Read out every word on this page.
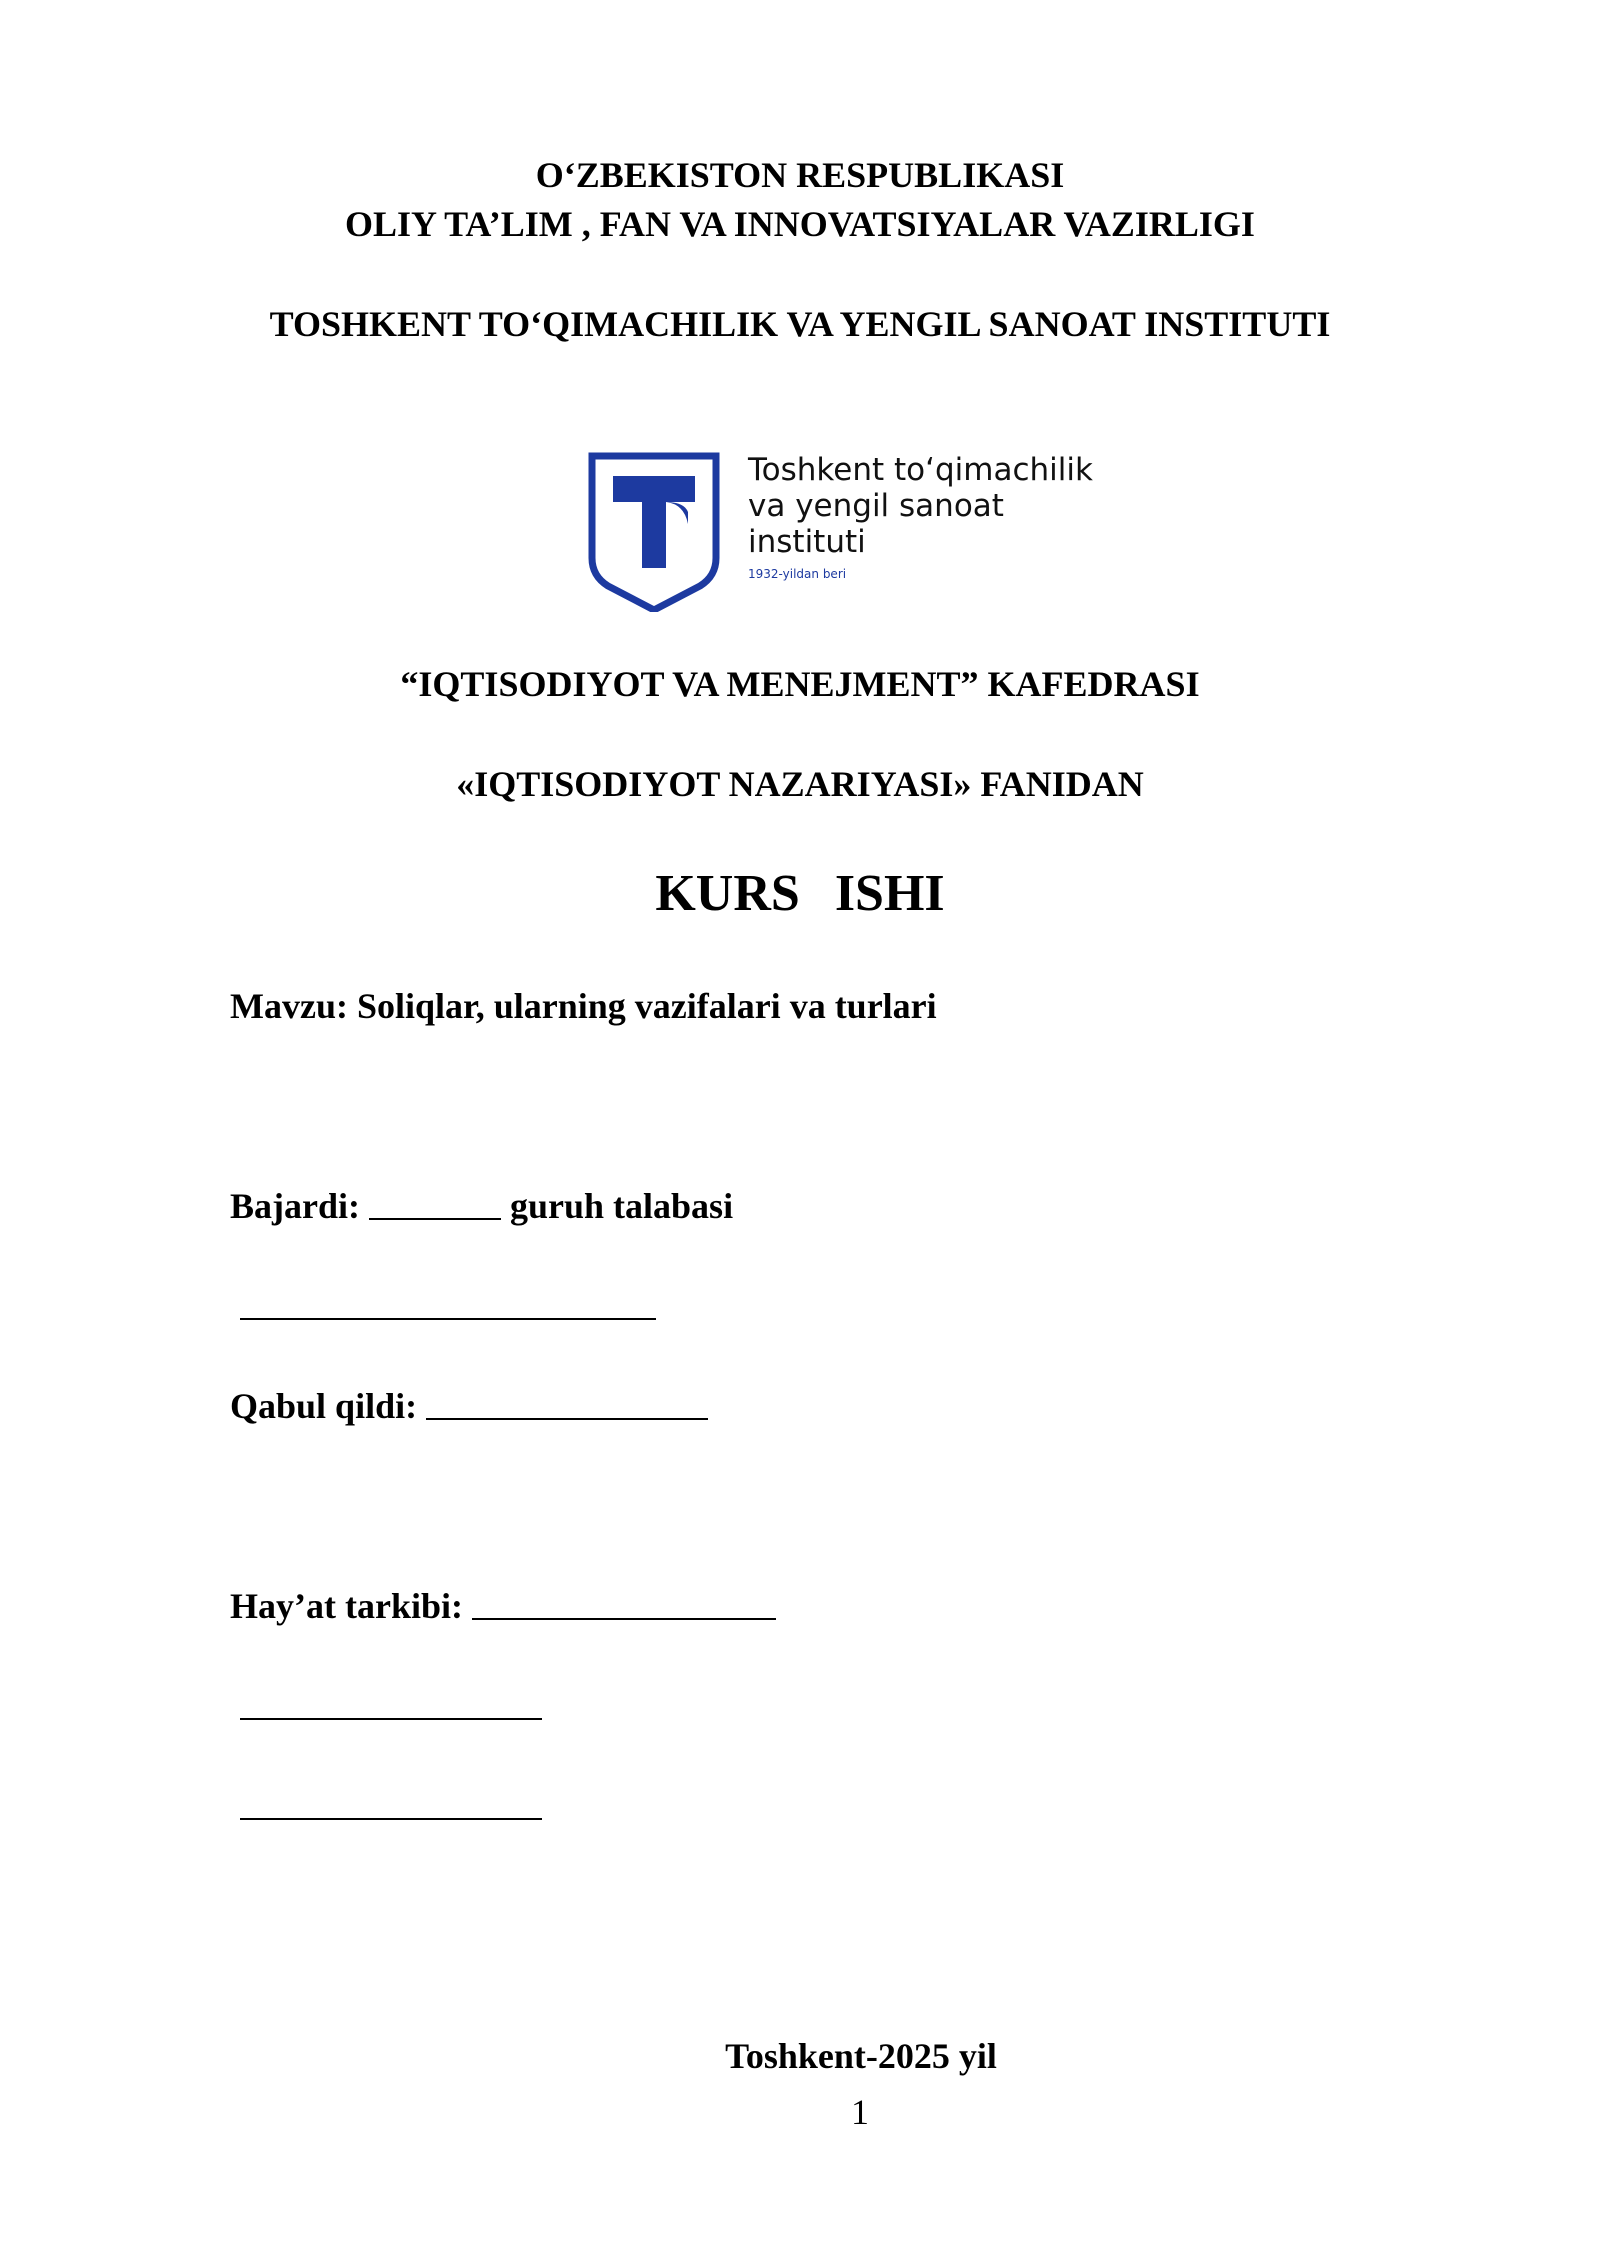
O‘ZBEKISTON RESPUBLIKASI
OLIY TA’LIM , FAN VA INNOVATSIYALAR VAZIRLIGI
TOSHKENT TO‘QIMACHILIK VA YENGIL SANOAT INSTITUTI
Toshkent to‘qimachilik
va yengil sanoat
instituti
1932-yildan beri
“IQTISODIYOT VA MENEJMENT” KAFEDRASI
«IQTISODIYOT NAZARIYASI» FANIDAN
KURS ISHI
Mavzu: Soliqlar, ularning vazifalari va turlari
Bajardi:	guruh talabasi
Qabul qildi:
Hay’at tarkibi:
Toshkent-2025 yil
1
